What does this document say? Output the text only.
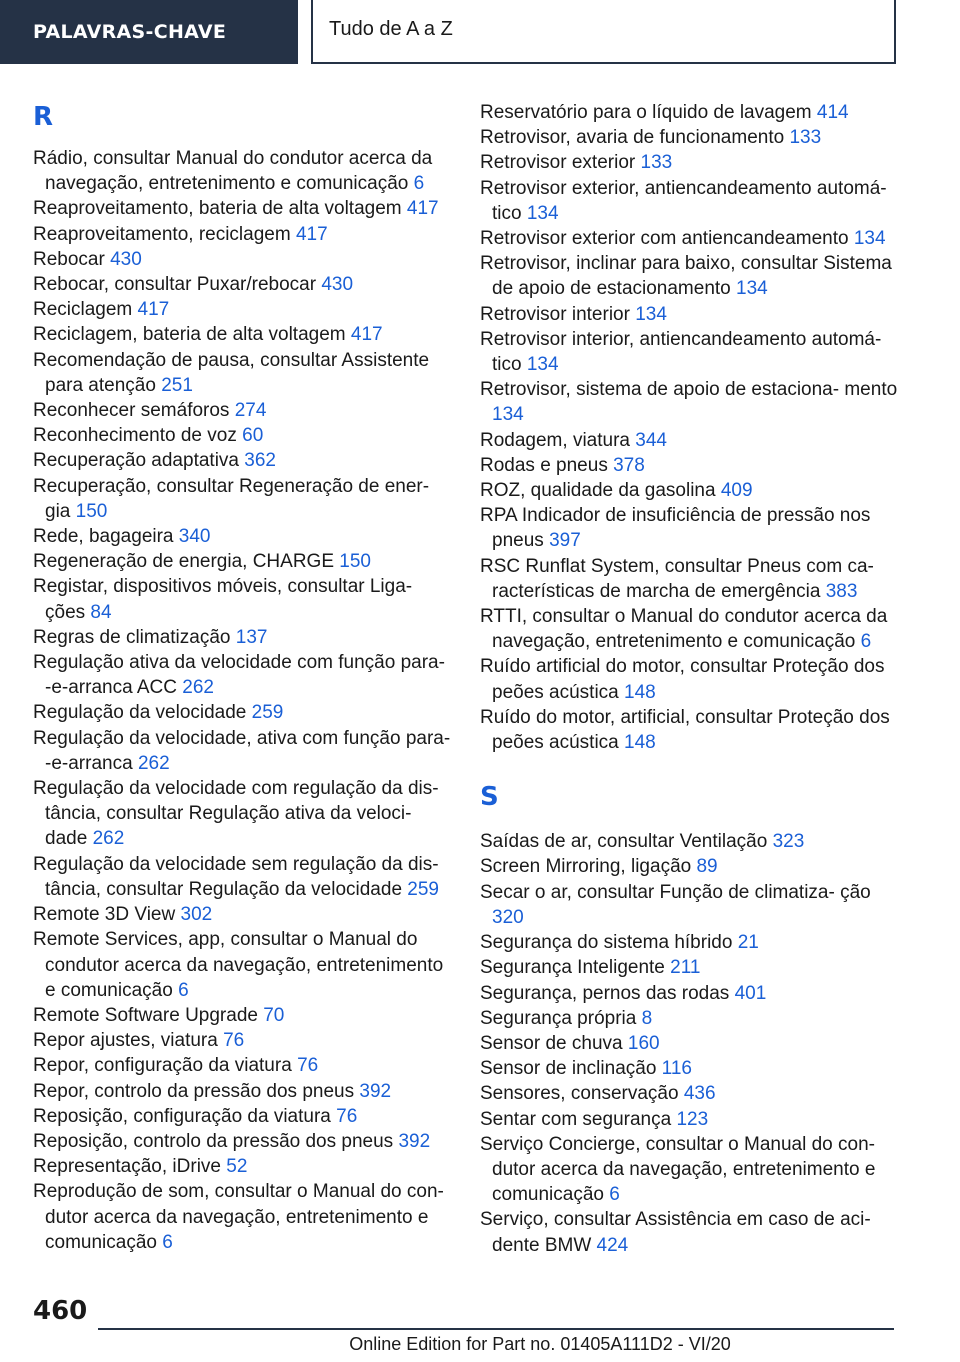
PALAVRAS-CHAVE	Tudo de A a Z
R
Rádio, consultar Manual do condutor acerca da navegação, entretenimento e comunicação 6
Reaproveitamento, bateria de alta voltagem 417
Reaproveitamento, reciclagem 417
Rebocar 430
Rebocar, consultar Puxar/rebocar 430
Reciclagem 417
Reciclagem, bateria de alta voltagem 417
Recomendação de pausa, consultar Assistente para atenção 251
Reconhecer semáforos 274
Reconhecimento de voz 60
Recuperação adaptativa 362
Recuperação, consultar Regeneração de ener‐ gia 150
Rede, bagageira 340
Regeneração de energia, CHARGE 150
Registar, dispositivos móveis, consultar Liga‐ ções 84
Regras de climatização 137
Regulação ativa da velocidade com função para- ‐e-arranca ACC 262
Regulação da velocidade 259
Regulação da velocidade, ativa com função para- ‐e-arranca 262
Regulação da velocidade com regulação da dis‐ tância, consultar Regulação ativa da veloci‐ dade 262
Regulação da velocidade sem regulação da dis‐ tância, consultar Regulação da velocidade 259
Remote 3D View 302
Remote Services, app, consultar o Manual do condutor acerca da navegação, entretenimento e comunicação 6
Remote Software Upgrade 70
Repor ajustes, viatura 76
Repor, configuração da viatura 76
Repor, controlo da pressão dos pneus 392
Reposição, configuração da viatura 76
Reposição, controlo da pressão dos pneus 392
Representação, iDrive 52
Reprodução de som, consultar o Manual do con‐ dutor acerca da navegação, entretenimento e comunicação 6
Reservatório para o líquido de lavagem 414
Retrovisor, avaria de funcionamento 133
Retrovisor exterior 133
Retrovisor exterior, antiencandeamento automá‐ tico 134
Retrovisor exterior com antiencandeamento 134
Retrovisor, inclinar para baixo, consultar Sistema de apoio de estacionamento 134
Retrovisor interior 134
Retrovisor interior, antiencandeamento automá‐ tico 134
Retrovisor, sistema de apoio de estaciona‐ mento 134
Rodagem, viatura 344
Rodas e pneus 378
ROZ, qualidade da gasolina 409
RPA Indicador de insuficiência de pressão nos pneus 397
RSC Runflat System, consultar Pneus com ca‐ racterísticas de marcha de emergência 383
RTTI, consultar o Manual do condutor acerca da navegação, entretenimento e comunicação 6
Ruído artificial do motor, consultar Proteção dos peões acústica 148
Ruído do motor, artificial, consultar Proteção dos peões acústica 148
S
Saídas de ar, consultar Ventilação 323
Screen Mirroring, ligação 89
Secar o ar, consultar Função de climatiza‐ ção 320
Segurança do sistema híbrido 21
Segurança Inteligente 211
Segurança, pernos das rodas 401
Segurança própria 8
Sensor de chuva 160
Sensor de inclinação 116
Sensores, conservação 436
Sentar com segurança 123
Serviço Concierge, consultar o Manual do con‐ dutor acerca da navegação, entretenimento e comunicação 6
Serviço, consultar Assistência em caso de aci‐ dente BMW 424
460
Online Edition for Part no. 01405A111D2 - VI/20
